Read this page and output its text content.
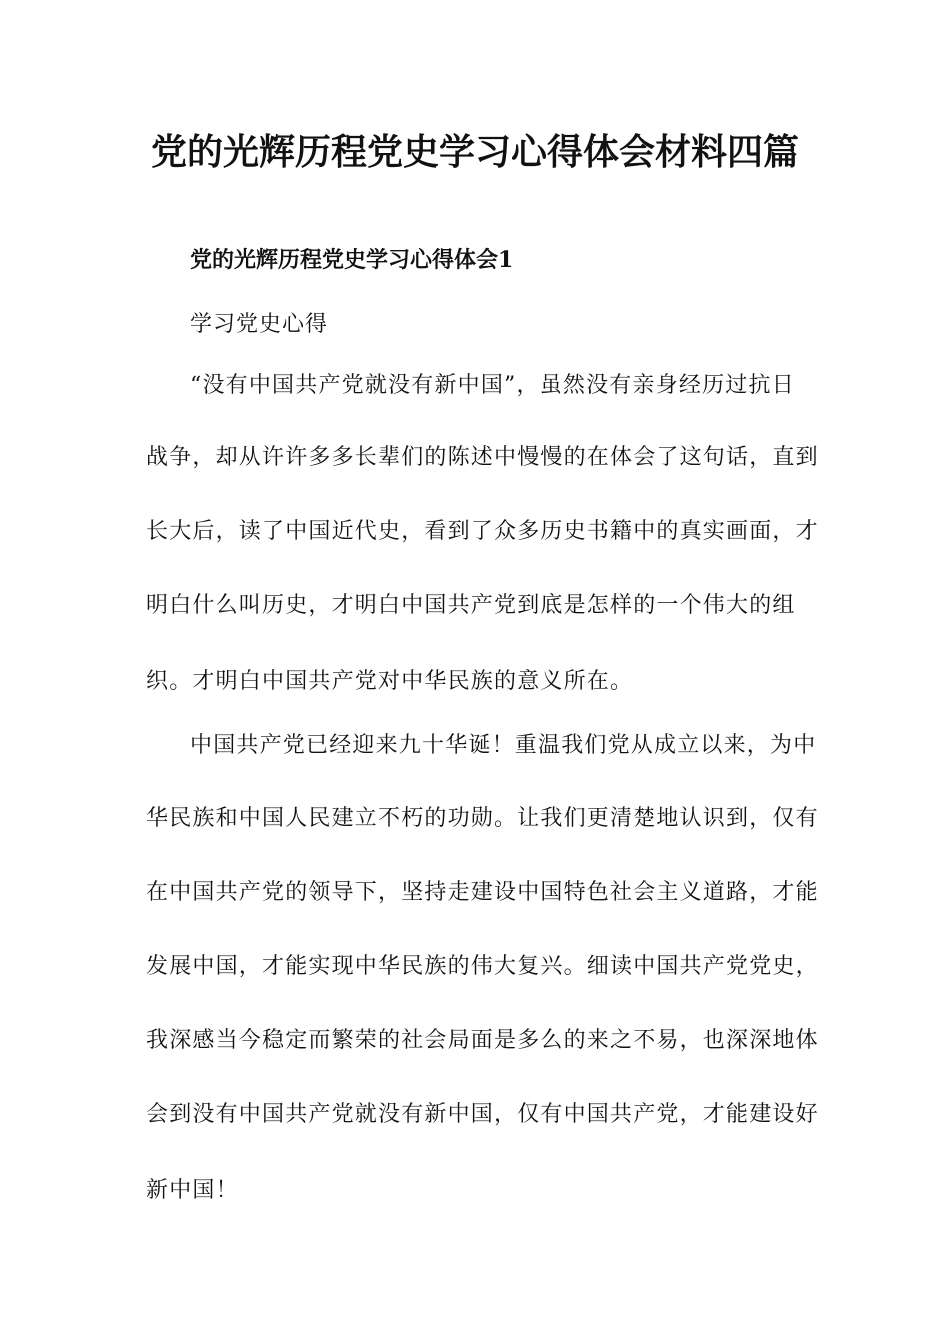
党的光辉历程党史学习心得体会材料四篇
党的光辉历程党史学习心得体会1

学习党史心得

“没有中国共产党就没有新中国”，虽然没有亲身经历过抗日

战争，却从许许多多长辈们的陈述中慢慢的在体会了这句话，直到

长大后，读了中国近代史，看到了众多历史书籍中的真实画面，才

明白什么叫历史，才明白中国共产党到底是怎样的一个伟大的组

织。才明白中国共产党对中华民族的意义所在。

中国共产党已经迎来九十华诞！重温我们党从成立以来，为中

华民族和中国人民建立不朽的功勋。让我们更清楚地认识到，仅有

在中国共产党的领导下，坚持走建设中国特色社会主义道路，才能

发展中国，才能实现中华民族的伟大复兴。细读中国共产党党史，

我深感当今稳定而繁荣的社会局面是多么的来之不易，也深深地体

会到没有中国共产党就没有新中国，仅有中国共产党，才能建设好

新中国！
